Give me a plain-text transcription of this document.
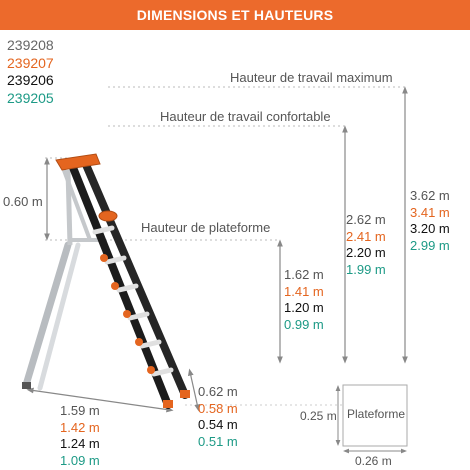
DIMENSIONS ET HAUTEURS
239208
239207
239206
239205
Hauteur de travail maximum
Hauteur de travail confortable
Hauteur de plateforme
0.60 m	3.62 m
3.41 m
3.20 m
2.99 m
2.62 m
2.41 m
2.20 m
1.99 m
1.62 m
1.41 m
1.20 m
0.99 m
1.59 m
1.42 m
1.24 m
1.09 m
0.62 m
0.58 m
0.54 m
0.51 m
Plateforme
0.25 m
0.26 m
